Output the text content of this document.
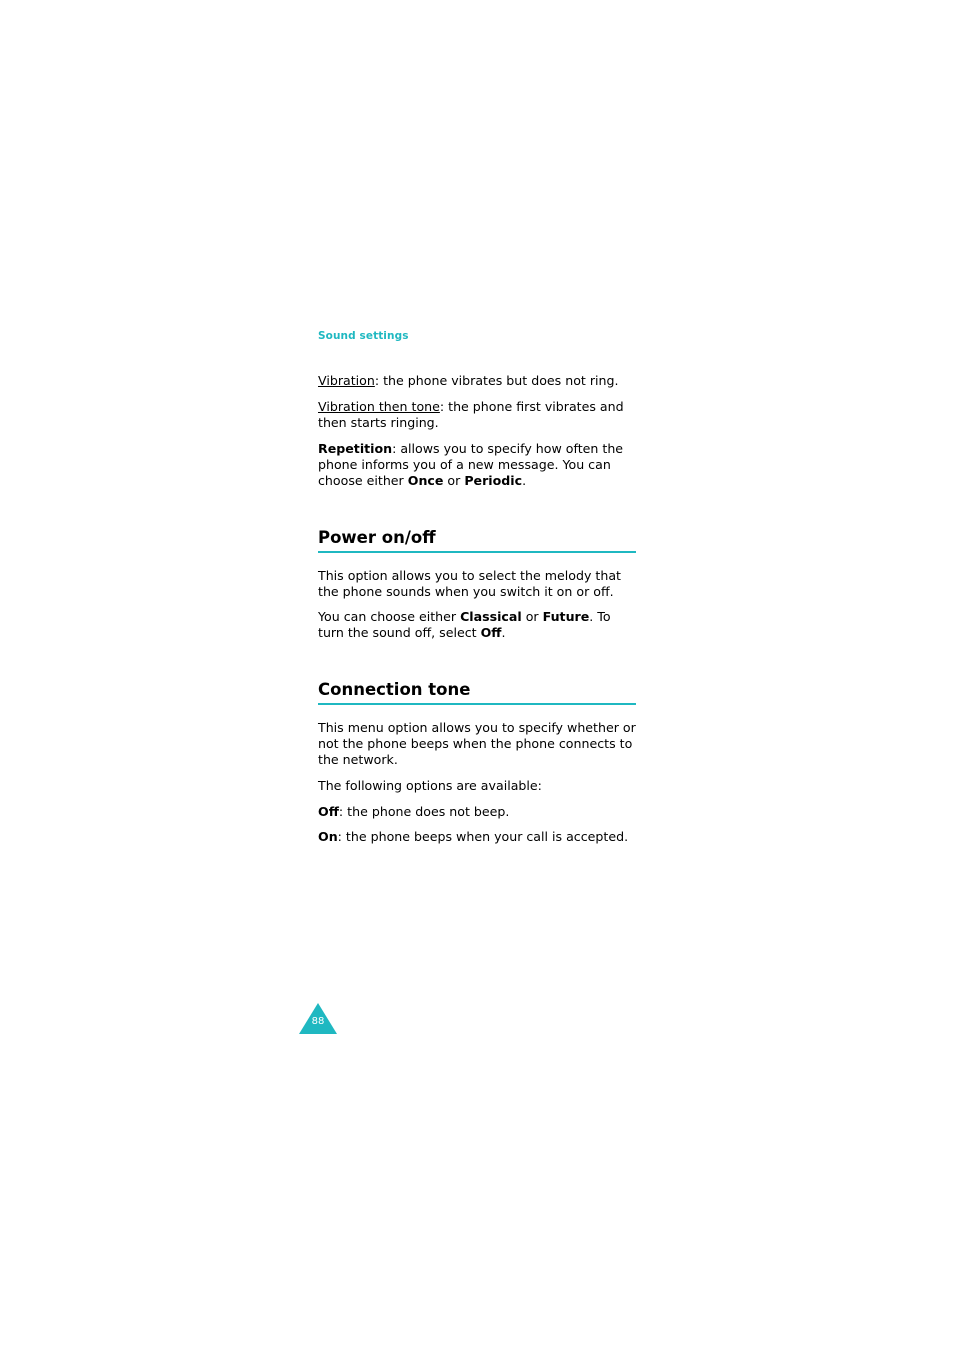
Sound settings

Vibration: the phone vibrates but does not ring.

Vibration then tone: the phone first vibrates and then starts ringing.

Repetition: allows you to specify how often the phone informs you of a new message. You can choose either Once or Periodic.

Power on/off

This option allows you to select the melody that the phone sounds when you switch it on or off.

You can choose either Classical or Future. To turn the sound off, select Off.

Connection tone

This menu option allows you to specify whether or not the phone beeps when the phone connects to the network.

The following options are available:

Off: the phone does not beep.

On: the phone beeps when your call is accepted.

88
